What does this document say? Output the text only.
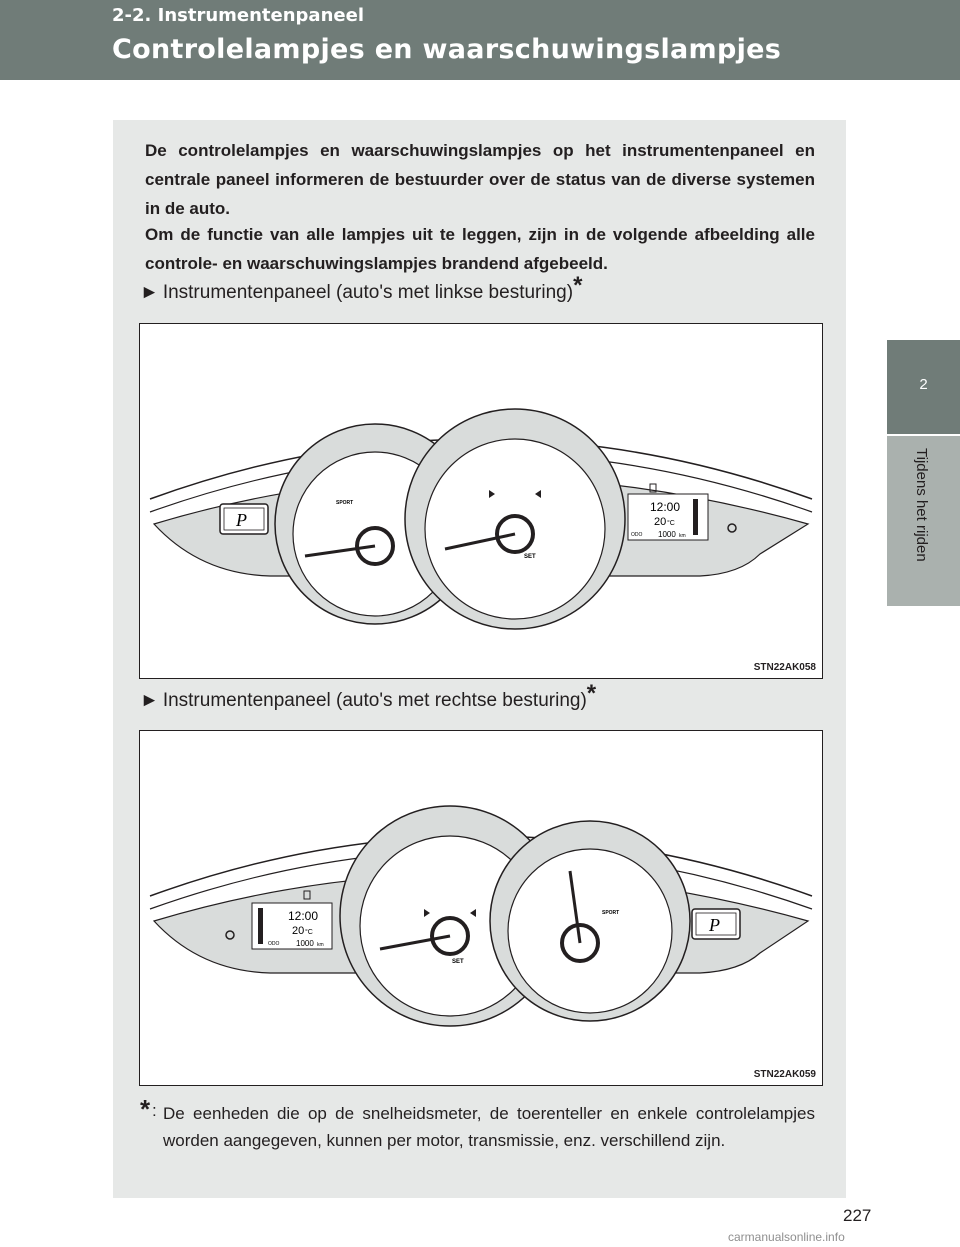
2-2. Instrumentenpaneel
Controlelampjes en waarschuwingslampjes
2
Tijdens het rijden

De controlelampjes en waarschuwingslampjes op het instrumentenpaneel en centrale paneel informeren de bestuurder over de status van de diverse systemen in de auto.

Om de functie van alle lampjes uit te leggen, zijn in de volgende afbeelding alle controle- en waarschuwingslampjes brandend afgebeeld.

► Instrumentenpaneel (auto's met linkse besturing)*
P
SPORT
SET
12:00
20 °C
ODO 1000 km
STN22AK058
► Instrumentenpaneel (auto's met rechtse besturing)*
12:00
20 °C
ODO 1000 km
SET
SPORT
P
STN22AK059
* : De eenheden die op de snelheidsmeter, de toerenteller en enkele controlelampjes worden aangegeven, kunnen per motor, transmissie, enz. verschillend zijn.

227
carmanualsonline.info
